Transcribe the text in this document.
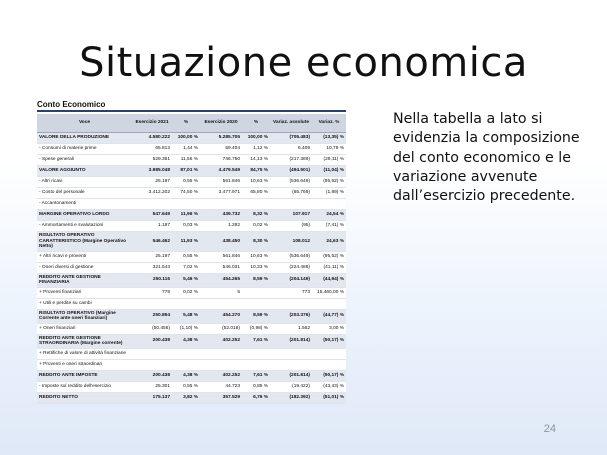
Situazione economica
Conto Economico
Voce	Esercizio 2021	%	Esercizio 2020	%	Variaz. assolute	Variaz. %
VALORE DELLA PRODUZIONE	4.580.222	100,00 %	5.285.705	100,00 %	(705.483)	(13,35) %
- Consumi di materie prime	65.813	1,44 %	59.404	1,12 %	6.409	10,79 %
- Spese generali	529.361	11,56 %	746.750	14,13 %	(217.389)	(29,11) %
VALORE AGGIUNTO	3.985.048	87,01 %	4.479.549	84,75 %	(494.501)	(11,04) %
- Altri ricavi	25.197	0,55 %	561.846	10,63 %	(536.649)	(95,52) %
- Costo del personale	3.412.202	74,50 %	3.477.971	65,80 %	(65.769)	(1,89) %
- Accantonamenti						
MARGINE OPERATIVO LORDO	547.649	11,96 %	439.732	8,32 %	107.917	24,54 %
- Ammortamenti e svalutazioni	1.187	0,03 %	1.282	0,02 %	(95)	(7,41) %
RISULTATO OPERATIVO CARATTERISTICO (Margine Operativo Netto)	546.462	11,93 %	438.450	8,30 %	108.012	24,63 %
+ Altri ricavi e proventi	25.197	0,55 %	561.846	10,63 %	(536.649)	(95,52) %
- Oneri diversi di gestione	321.543	7,02 %	546.031	10,33 %	(224.488)	(41,11) %
REDDITO ANTE GESTIONE FINANZIARIA	250.116	5,46 %	454.265	8,59 %	(204.149)	(44,94) %
+ Proventi finanziari	778	0,02 %	5		773	15.460,00 %
+ Utili e perdite su cambi						
RISULTATO OPERATIVO (Margine Corrente ante oneri finanziari)	250.894	5,48 %	454.270	8,59 %	(203.376)	(44,77) %
+ Oneri finanziari	(50.456)	(1,10) %	(52.018)	(0,98) %	1.562	3,00 %
REDDITO ANTE GESTIONE STRAORDINARIA (Margine corrente)	200.438	4,38 %	402.252	7,61 %	(201.814)	(50,17) %
+ Rettifiche di valore di attività finanziarie						
+ Proventi e oneri straordinari						
REDDITO ANTE IMPOSTE	200.438	4,38 %	402.252	7,61 %	(201.814)	(50,17) %
- Imposte sul reddito dell'esercizio	25.301	0,55 %	44.723	0,85 %	(19.422)	(43,43) %
REDDITO NETTO	175.137	3,82 %	357.529	6,76 %	(182.392)	(51,01) %
Nella tabella a lato si evidenzia la composizione del conto economico e le variazione avvenute dall’esercizio precedente.
24
